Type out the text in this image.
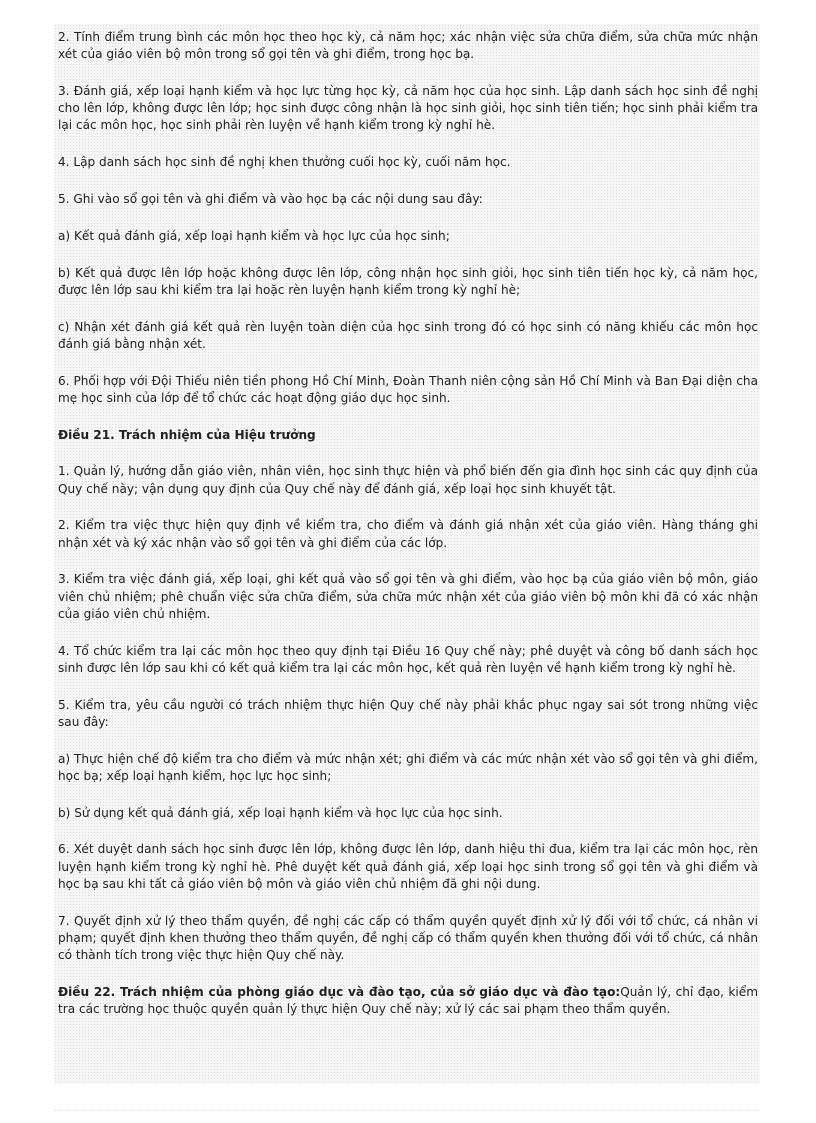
2. Tính điểm trung bình các môn học theo học kỳ, cả năm học; xác nhận việc sửa chữa điểm, sửa chữa mức nhận xét của giáo viên bộ môn trong sổ gọi tên và ghi điểm, trong học bạ.

3. Đánh giá, xếp loại hạnh kiểm và học lực từng học kỳ, cả năm học của học sinh. Lập danh sách học sinh đề nghị cho lên lớp, không được lên lớp; học sinh được công nhận là học sinh giỏi, học sinh tiên tiến; học sinh phải kiểm tra lại các môn học, học sinh phải rèn luyện về hạnh kiểm trong kỳ nghỉ hè.

4. Lập danh sách học sinh đề nghị khen thưởng cuối học kỳ, cuối năm học.

5. Ghi vào sổ gọi tên và ghi điểm và vào học bạ các nội dung sau đây:

a) Kết quả đánh giá, xếp loại hạnh kiểm và học lực của học sinh;

b) Kết quả được lên lớp hoặc không được lên lớp, công nhận học sinh giỏi, học sinh tiên tiến học kỳ, cả năm học, được lên lớp sau khi kiểm tra lại hoặc rèn luyện hạnh kiểm trong kỳ nghỉ hè;

c) Nhận xét đánh giá kết quả rèn luyện toàn diện của học sinh trong đó có học sinh có năng khiếu các môn học đánh giá bằng nhận xét.

6. Phối hợp với Đội Thiếu niên tiền phong Hồ Chí Minh, Đoàn Thanh niên cộng sản Hồ Chí Minh và Ban Đại diện cha mẹ học sinh của lớp để tổ chức các hoạt động giáo dục học sinh.

Điều 21. Trách nhiệm của Hiệu trưởng

1. Quản lý, hướng dẫn giáo viên, nhân viên, học sinh thực hiện và phổ biến đến gia đình học sinh các quy định của Quy chế này; vận dụng quy định của Quy chế này để đánh giá, xếp loại học sinh khuyết tật.

2. Kiểm tra việc thực hiện quy định về kiểm tra, cho điểm và đánh giá nhận xét của giáo viên. Hàng tháng ghi nhận xét và ký xác nhận vào sổ gọi tên và ghi điểm của các lớp.

3. Kiểm tra việc đánh giá, xếp loại, ghi kết quả vào sổ gọi tên và ghi điểm, vào học bạ của giáo viên bộ môn, giáo viên chủ nhiệm; phê chuẩn việc sửa chữa điểm, sửa chữa mức nhận xét của giáo viên bộ môn khi đã có xác nhận của giáo viên chủ nhiệm.

4. Tổ chức kiểm tra lại các môn học theo quy định tại Điều 16 Quy chế này; phê duyệt và công bố danh sách học sinh được lên lớp sau khi có kết quả kiểm tra lại các môn học, kết quả rèn luyện về hạnh kiểm trong kỳ nghỉ hè.

5. Kiểm tra, yêu cầu người có trách nhiệm thực hiện Quy chế này phải khắc phục ngay sai sót trong những việc sau đây:

a) Thực hiện chế độ kiểm tra cho điểm và mức nhận xét; ghi điểm và các mức nhận xét vào sổ gọi tên và ghi điểm, học bạ; xếp loại hạnh kiểm, học lực học sinh;

b) Sử dụng kết quả đánh giá, xếp loại hạnh kiểm và học lực của học sinh.

6. Xét duyệt danh sách học sinh được lên lớp, không được lên lớp, danh hiệu thi đua, kiểm tra lại các môn học, rèn luyện hạnh kiểm trong kỳ nghỉ hè. Phê duyệt kết quả đánh giá, xếp loại học sinh trong sổ gọi tên và ghi điểm và học bạ sau khi tất cả giáo viên bộ môn và giáo viên chủ nhiệm đã ghi nội dung.

7. Quyết định xử lý theo thẩm quyền, đề nghị các cấp có thẩm quyền quyết định xử lý đối với tổ chức, cá nhân vi phạm; quyết định khen thưởng theo thẩm quyền, đề nghị cấp có thẩm quyền khen thưởng đối với tổ chức, cá nhân có thành tích trong việc thực hiện Quy chế này.

Điều 22. Trách nhiệm của phòng giáo dục và đào tạo, của sở giáo dục và đào tạo:Quản lý, chỉ đạo, kiểm tra các trường học thuộc quyền quản lý thực hiện Quy chế này; xử lý các sai phạm theo thẩm quyền.
